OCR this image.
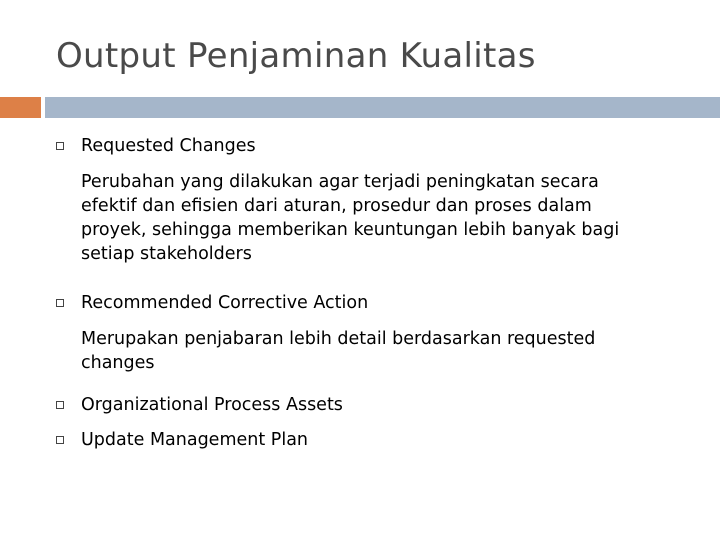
Output Penjaminan Kualitas
Requested Changes
Perubahan yang dilakukan agar terjadi peningkatan secara
efektif dan efisien dari aturan, prosedur dan proses dalam
proyek, sehingga memberikan keuntungan lebih banyak bagi
setiap stakeholders
Recommended Corrective Action
Merupakan penjabaran lebih detail berdasarkan requested
changes
Organizational Process Assets
Update Management Plan
